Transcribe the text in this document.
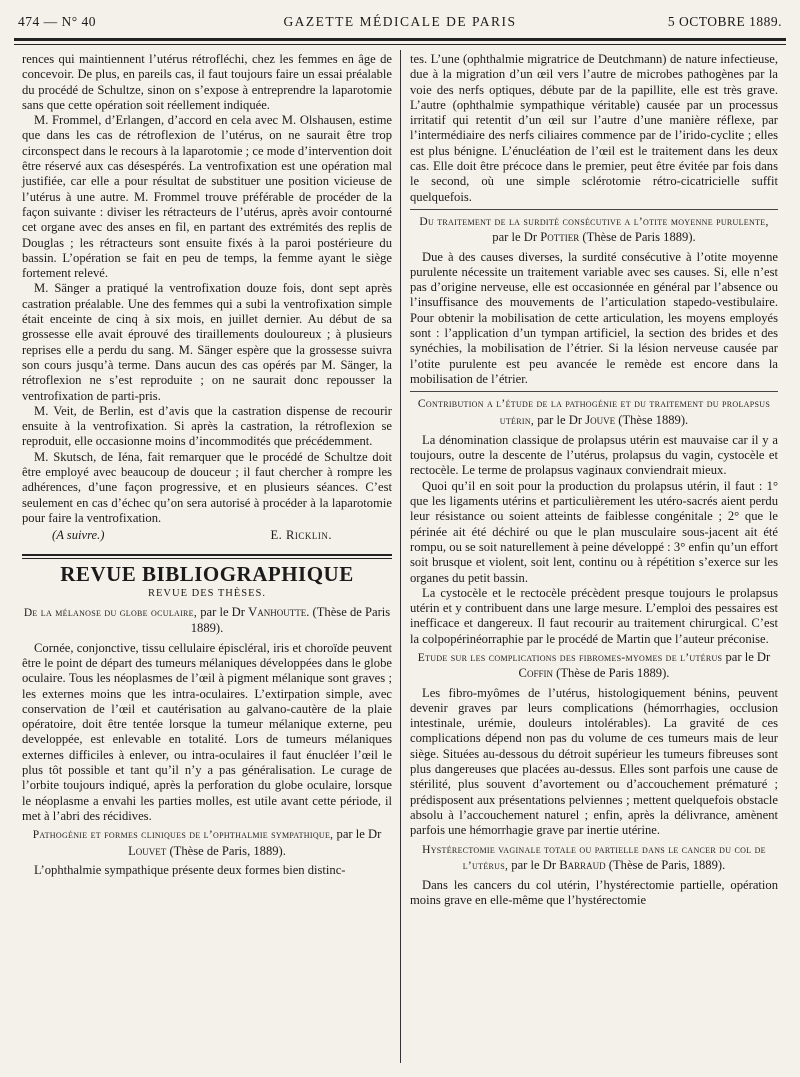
474 — N° 40	GAZETTE MÉDICALE DE PARIS	5 OCTOBRE 1889.

rences qui maintiennent l’utérus rétrofléchi, chez les femmes en âge de concevoir. De plus, en pareils cas, il faut toujours faire un essai préalable du procédé de Schultze, sinon on s’expose à entreprendre la laparotomie sans que cette opération soit réellement indiquée.

M. Frommel, d’Erlangen, d’accord en cela avec M. Olshausen, estime que dans les cas de rétroflexion de l’utérus, on ne saurait être trop circonspect dans le recours à la laparotomie ; ce mode d’intervention doit être réservé aux cas désespérés. La ventrofixation est une opération mal justifiée, car elle a pour résultat de substituer une position vicieuse de l’utérus à une autre. M. Frommel trouve préférable de procéder de la façon suivante : diviser les rétracteurs de l’utérus, après avoir contourné cet organe avec des anses en fil, en partant des extrémités des replis de Douglas ; les rétracteurs sont ensuite fixés à la paroi postérieure du bassin. L’opération se fait en peu de temps, la femme ayant le siège fortement relevé.

M. Sänger a pratiqué la ventrofixation douze fois, dont sept après castration préalable. Une des femmes qui a subi la ventrofixation simple était enceinte de cinq à six mois, en juillet dernier. Au début de sa grossesse elle avait éprouvé des tiraillements douloureux ; à plusieurs reprises elle a perdu du sang. M. Sänger espère que la grossesse suivra son cours jusqu’à terme. Dans aucun des cas opérés par M. Sänger, la rétroflexion ne s’est reproduite ; on ne saurait donc repousser la ventrofixation de parti-pris.

M. Veit, de Berlin, est d’avis que la castration dispense de recourir ensuite à la ventrofixation. Si après la castration, la rétroflexion se reproduit, elle occasionne moins d’incommodités que précédemment.

M. Skutsch, de Iéna, fait remarquer que le procédé de Schultze doit être employé avec beaucoup de douceur ; il faut chercher à rompre les adhérences, d’une façon progressive, et en plusieurs séances. C’est seulement en cas d’échec qu’on sera autorisé à procéder à la laparotomie pour faire la ventrofixation.

(A suivre.)	E. Ricklin.
REVUE BIBLIOGRAPHIQUE
REVUE DES THÈSES.
De la mélanose du globe oculaire, par le Dr Vanhoutte. (Thèse de Paris 1889).

Cornée, conjonctive, tissu cellulaire épiscléral, iris et choroïde peuvent être le point de départ des tumeurs mélaniques développées dans le globe oculaire. Tous les néoplasmes de l’œil à pigment mélanique sont graves ; les externes moins que les intra-oculaires. L’extirpation simple, avec conservation de l’œil et cautérisation au galvano-cautère de la plaie opératoire, doit être tentée lorsque la tumeur mélanique externe, peu developpée, est enlevable en totalité. Lors de tumeurs mélaniques externes difficiles à enlever, ou intra-oculaires il faut énucléer l’œil le plus tôt possible et tant qu’il n’y a pas généralisation. Le curage de l’orbite toujours indiqué, après la perforation du globe oculaire, lorsque le néoplasme a envahi les parties molles, est utile avant cette période, il met à l’abri des récidives.

Pathogénie et formes cliniques de l’ophthalmie sympathique, par le Dr Louvet (Thèse de Paris, 1889).

L’ophthalmie sympathique présente deux formes bien distinc-

tes. L’une (ophthalmie migratrice de Deutchmann) de nature infectieuse, due à la migration d’un œil vers l’autre de microbes pathogènes par la voie des nerfs optiques, débute par de la papillite, elle est très grave. L’autre (ophthalmie sympathique véritable) causée par un processus irritatif qui retentit d’un œil sur l’autre d’une manière réflexe, par l’intermédiaire des nerfs ciliaires commence par de l’irido-cyclite ; elles est plus bénigne. L’énucléation de l’œil est le traitement dans les deux cas. Elle doit être précoce dans le premier, peut être évitée par fois dans le second, où une simple sclérotomie rétro-cicatricielle suffit quelquefois.

Du traitement de la surdité consécutive a l’otite moyenne purulente, par le Dr Pottier (Thèse de Paris 1889).

Due à des causes diverses, la surdité consécutive à l’otite moyenne purulente nécessite un traitement variable avec ses causes. Si, elle n’est pas d’origine nerveuse, elle est occasionnée en général par l’absence ou l’insuffisance des mouvements de l’articulation stapedo-vestibulaire. Pour obtenir la mobilisation de cette articulation, les moyens employés sont : l’application d’un tympan artificiel, la section des brides et des synéchies, la mobilisation de l’étrier. Si la lésion nerveuse causée par l’otite purulente est peu avancée le remède est encore dans la mobilisation de l’étrier.

Contribution a l’étude de la pathogénie et du traitement du prolapsus utérin, par le Dr Jouve (Thèse 1889).

La dénomination classique de prolapsus utérin est mauvaise car il y a toujours, outre la descente de l’utérus, prolapsus du vagin, cystocèle et rectocèle. Le terme de prolapsus vaginaux conviendrait mieux.

Quoi qu’il en soit pour la production du prolapsus utérin, il faut : 1° que les ligaments utérins et particulièrement les utéro-sacrés aient perdu leur résistance ou soient atteints de faiblesse congénitale ; 2° que le périnée ait été déchiré ou que le plan musculaire sous-jacent ait été rompu, ou se soit naturellement à peine développé : 3° enfin qu’un effort soit brusque et violent, soit lent, continu ou à répétition s’exerce sur les organes du petit bassin.

La cystocèle et le rectocèle précèdent presque toujours le prolapsus utérin et y contribuent dans une large mesure. L’emploi des pessaires est inefficace et dangereux. Il faut recourir au traitement chirurgical. C’est la colpopérinéorraphie par le procédé de Martin que l’auteur préconise.

Etude sur les complications des fibromes-myomes de l’utérus par le Dr Coffin (Thèse de Paris 1889).

Les fibro-myômes de l’utérus, histologiquement bénins, peuvent devenir graves par leurs complications (hémorrhagies, occlusion intestinale, urémie, douleurs intolérables). La gravité de ces complications dépend non pas du volume de ces tumeurs mais de leur siège. Situées au-dessous du détroit supérieur les tumeurs fibreuses sont plus dangereuses que placées au-dessus. Elles sont parfois une cause de stérilité, plus souvent d’avortement ou d’accouchement prématuré ; prédisposent aux présentations pelviennes ; mettent quelquefois obstacle absolu à l’accouchement naturel ; enfin, après la délivrance, amènent parfois une hémorrhagie grave par inertie utérine.

Hystérectomie vaginale totale ou partielle dans le cancer du col de l’utérus, par le Dr Barraud (Thèse de Paris, 1889).

Dans les cancers du col utérin, l’hystérectomie partielle, opération moins grave en elle-même que l’hystérectomie
